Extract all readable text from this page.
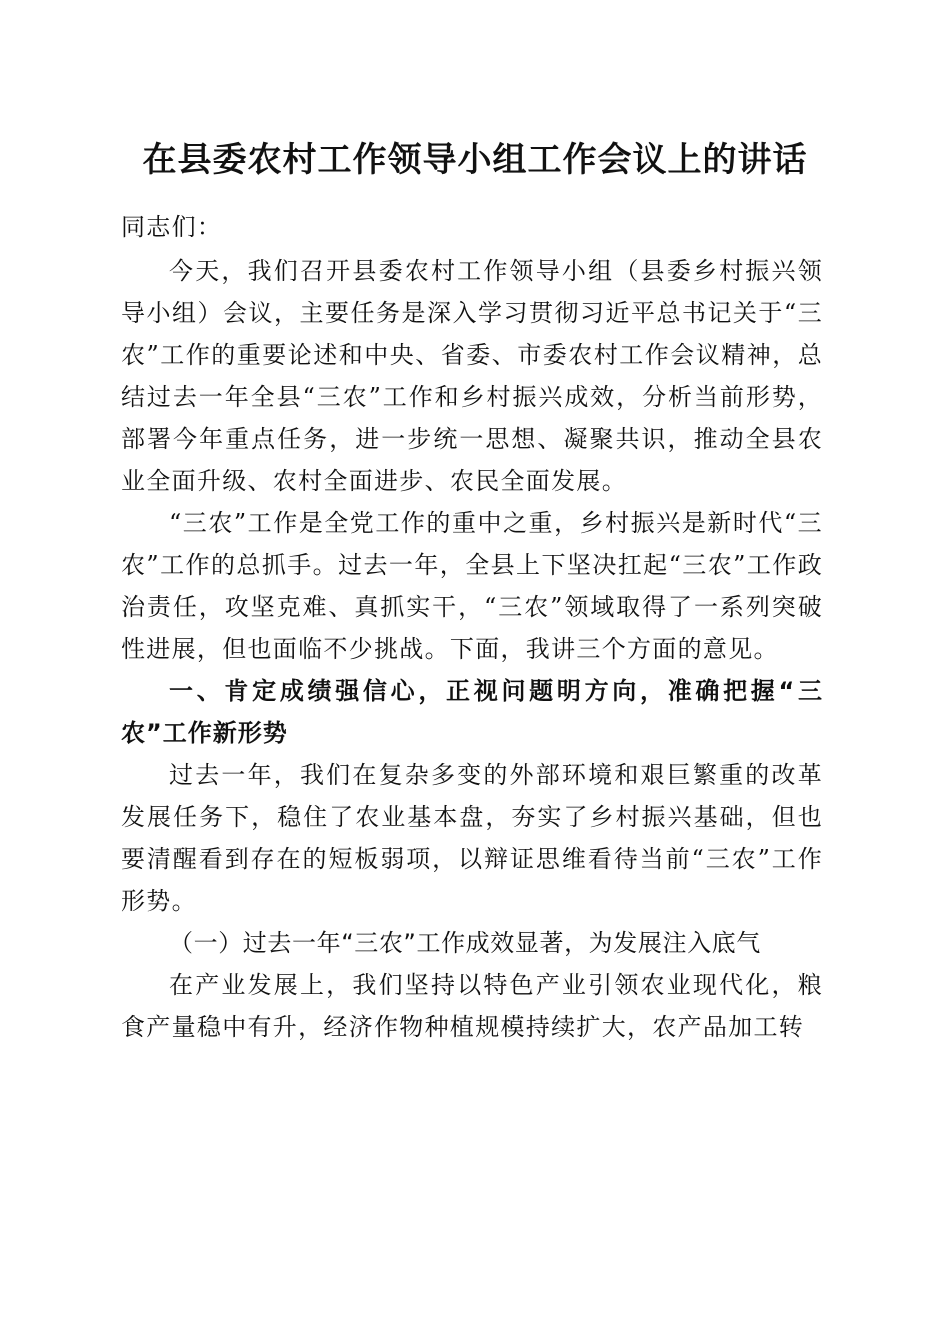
在县委农村工作领导小组工作会议上的讲话

同志们：

今天，我们召开县委农村工作领导小组（县委乡村振兴领导小组）会议，主要任务是深入学习贯彻习近平总书记关于“三农”工作的重要论述和中央、省委、市委农村工作会议精神，总结过去一年全县“三农”工作和乡村振兴成效，分析当前形势，部署今年重点任务，进一步统一思想、凝聚共识，推动全县农业全面升级、农村全面进步、农民全面发展。

“三农”工作是全党工作的重中之重，乡村振兴是新时代“三农”工作的总抓手。过去一年，全县上下坚决扛起“三农”工作政治责任，攻坚克难、真抓实干，“三农”领域取得了一系列突破性进展，但也面临不少挑战。下面，我讲三个方面的意见。

一、肯定成绩强信心，正视问题明方向，准确把握“三农”工作新形势

过去一年，我们在复杂多变的外部环境和艰巨繁重的改革发展任务下，稳住了农业基本盘，夯实了乡村振兴基础，但也要清醒看到存在的短板弱项，以辩证思维看待当前“三农”工作形势。

（一）过去一年“三农”工作成效显著，为发展注入底气

在产业发展上，我们坚持以特色产业引领农业现代化，粮食产量稳中有升，经济作物种植规模持续扩大，农产品加工转
